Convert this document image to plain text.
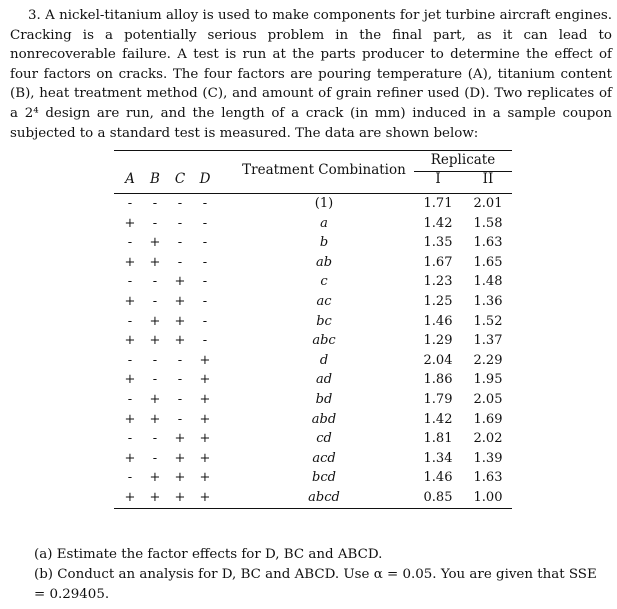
3. A nickel-titanium alloy is used to make components for jet turbine aircraft engines. Cracking is a potentially serious problem in the final part, as it can lead to nonrecoverable failure. A test is run at the parts producer to determine the effect of four factors on cracks. The four factors are pouring temperature (A), titanium content (B), heat treatment method (C), and amount of grain refiner used (D). Two replicates of a 2⁴ design are run, and the length of a crack (in mm) induced in a sample coupon subjected to a standard test is measured. The data are shown below:

A	B	C	D
Treatment Combination
Replicate
I	II
-	-	-	-	(1)	1.71	2.01
+	-	-	-	a	1.42	1.58
-	+	-	-	b	1.35	1.63
+	+	-	-	ab	1.67	1.65
-	-	+	-	c	1.23	1.48
+	-	+	-	ac	1.25	1.36
-	+	+	-	bc	1.46	1.52
+	+	+	-	abc	1.29	1.37
-	-	-	+	d	2.04	2.29
+	-	-	+	ad	1.86	1.95
-	+	-	+	bd	1.79	2.05
+	+	-	+	abd	1.42	1.69
-	-	+	+	cd	1.81	2.02
+	-	+	+	acd	1.34	1.39
-	+	+	+	bcd	1.46	1.63
+	+	+	+	abcd	0.85	1.00
(a) Estimate the factor effects for D, BC and ABCD.
(b) Conduct an analysis for D, BC and ABCD. Use α = 0.05. You are given that SSE = 0.29405.
